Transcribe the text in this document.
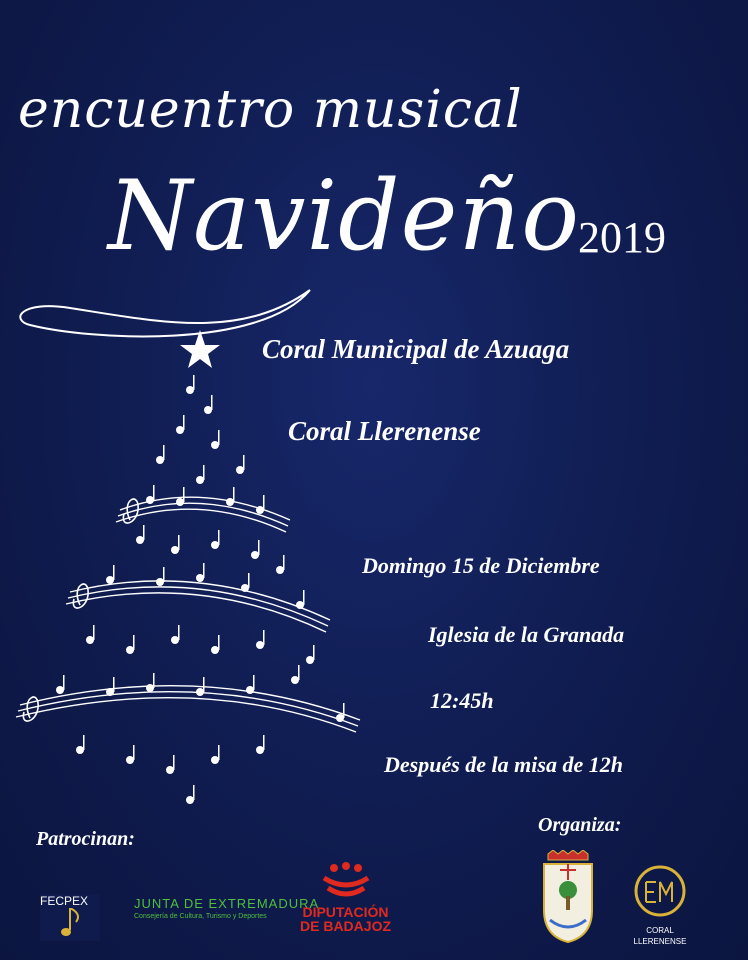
encuentro musical
Navideño
2019
Coral Municipal de Azuaga
Coral Llerenense
Domingo 15 de Diciembre
Iglesia de la Granada
12:45h
Después de la misa de 12h
Patrocinan:
Organiza:
FECPEX	JUNTA DE EXTREMADURA
Consejería de Cultura, Turismo y Deportes	DIPUTACIÓN
DE BADAJOZ	CORAL
LLERENENSE
